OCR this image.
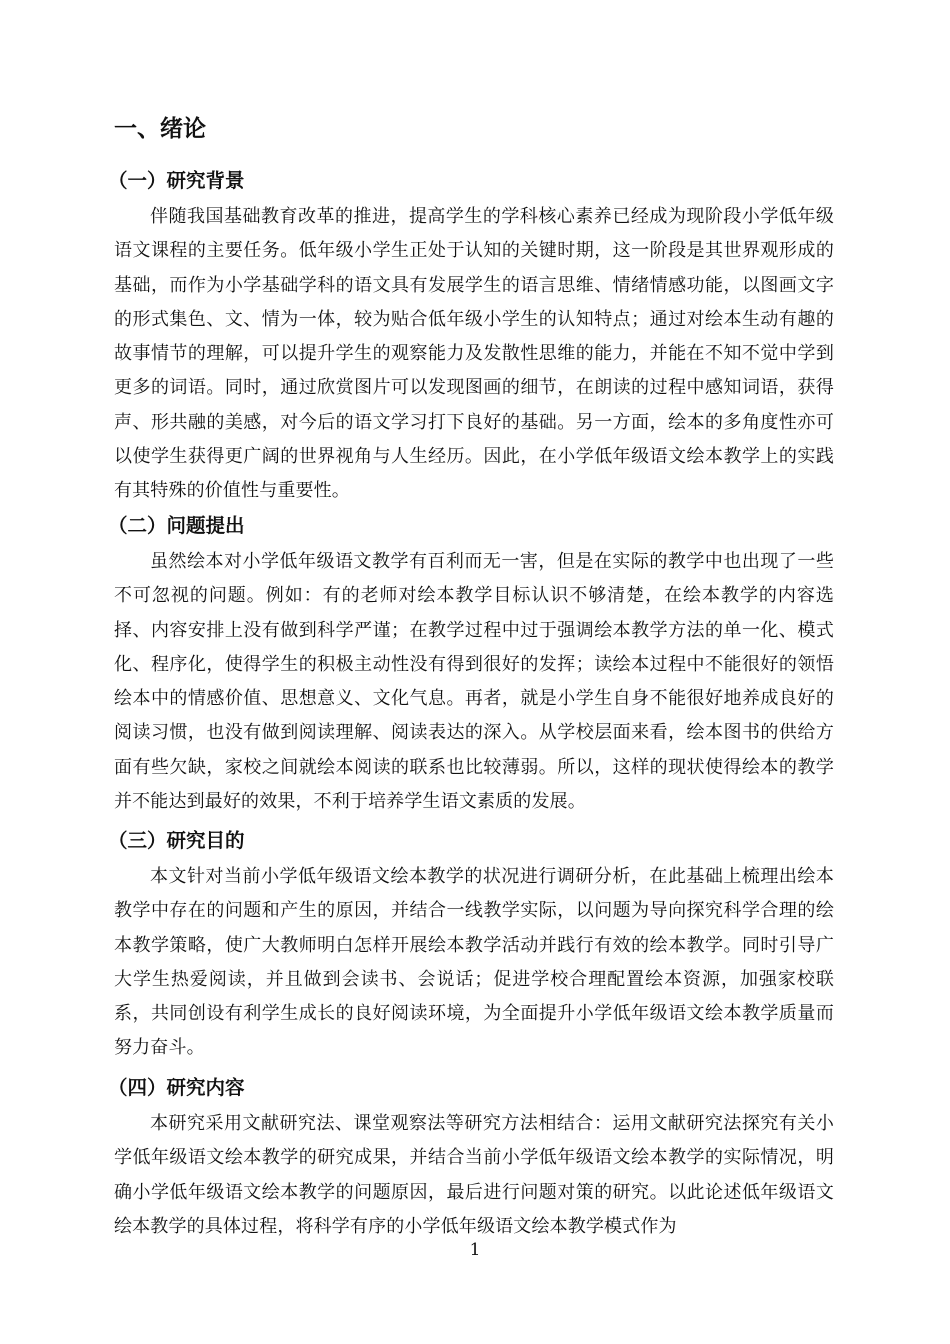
一、绪论
（一）研究背景

伴随我国基础教育改革的推进，提高学生的学科核心素养已经成为现阶段小学低年级语文课程的主要任务。低年级小学生正处于认知的关键时期，这一阶段是其世界观形成的基础，而作为小学基础学科的语文具有发展学生的语言思维、情绪情感功能，以图画文字的形式集色、文、情为一体，较为贴合低年级小学生的认知特点；通过对绘本生动有趣的故事情节的理解，可以提升学生的观察能力及发散性思维的能力，并能在不知不觉中学到更多的词语。同时，通过欣赏图片可以发现图画的细节，在朗读的过程中感知词语，获得声、形共融的美感，对今后的语文学习打下良好的基础。另一方面，绘本的多角度性亦可以使学生获得更广阔的世界视角与人生经历。因此，在小学低年级语文绘本教学上的实践有其特殊的价值性与重要性。

（二）问题提出

虽然绘本对小学低年级语文教学有百利而无一害，但是在实际的教学中也出现了一些不可忽视的问题。例如：有的老师对绘本教学目标认识不够清楚，在绘本教学的内容选择、内容安排上没有做到科学严谨；在教学过程中过于强调绘本教学方法的单一化、模式化、程序化，使得学生的积极主动性没有得到很好的发挥；读绘本过程中不能很好的领悟绘本中的情感价值、思想意义、文化气息。再者，就是小学生自身不能很好地养成良好的阅读习惯，也没有做到阅读理解、阅读表达的深入。从学校层面来看，绘本图书的供给方面有些欠缺，家校之间就绘本阅读的联系也比较薄弱。所以，这样的现状使得绘本的教学并不能达到最好的效果，不利于培养学生语文素质的发展。

（三）研究目的

本文针对当前小学低年级语文绘本教学的状况进行调研分析，在此基础上梳理出绘本教学中存在的问题和产生的原因，并结合一线教学实际，以问题为导向探究科学合理的绘本教学策略，使广大教师明白怎样开展绘本教学活动并践行有效的绘本教学。同时引导广大学生热爱阅读，并且做到会读书、会说话；促进学校合理配置绘本资源，加强家校联系，共同创设有利学生成长的良好阅读环境，为全面提升小学低年级语文绘本教学质量而努力奋斗。

（四）研究内容

本研究采用文献研究法、课堂观察法等研究方法相结合：运用文献研究法探究有关小学低年级语文绘本教学的研究成果，并结合当前小学低年级语文绘本教学的实际情况，明确小学低年级语文绘本教学的问题原因，最后进行问题对策的研究。以此论述低年级语文绘本教学的具体过程，将科学有序的小学低年级语文绘本教学模式作为

1
